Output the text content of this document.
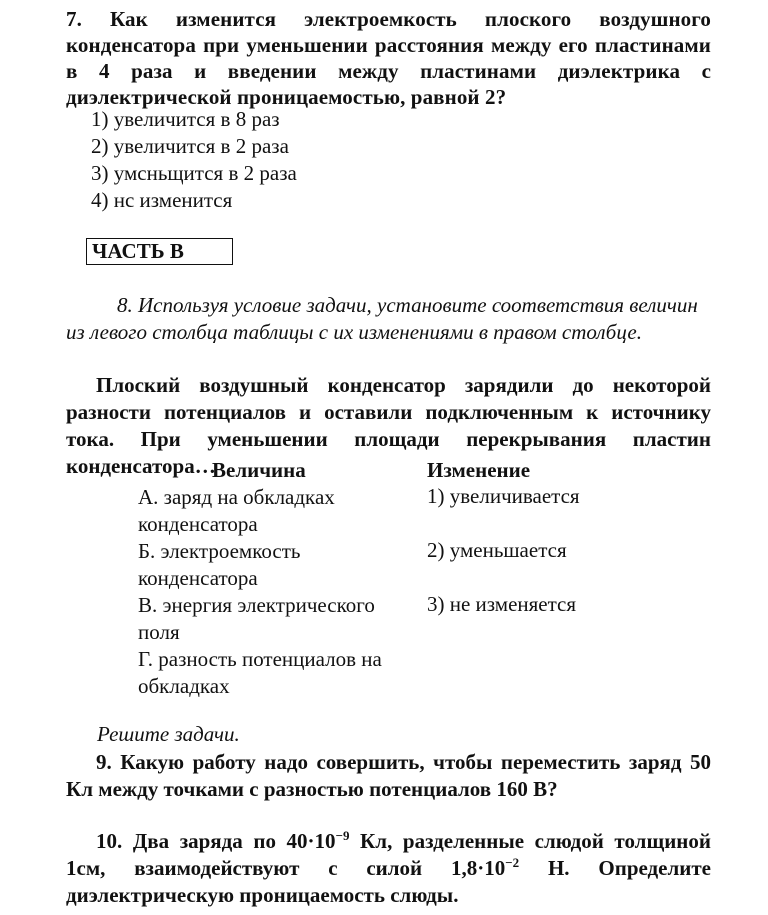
7. Как изменится электроемкость плоского воздушного конденсатора при уменьшении расстояния между его пластинами в 4 раза и введении между пластинами диэлектрика с диэлектрической проницаемостью, равной 2?
1) увеличится в 8 раз
2) увеличится в 2 раза
3) умсньщится в 2 раза
4) нс изменится
ЧАСТЬ В
8. Используя условие задачи, установите соответствия величин из левого столбца таблицы с их изменениями в правом столбце.
Плоский воздушный конденсатор зарядили до некоторой разности потенциалов и оставили подключенным к источнику тока. При уменьшении площади перекрывания пластин конденсатора…
Величина	Изменение
А. заряд на обкладках конденсатора
Б. электроемкость конденсатора
В. энергия электрического поля
Г. разность потенциалов на обкладках
1) увеличивается
2) уменьшается
3) не изменяется
Решите задачи.
9. Какую работу надо совершить, чтобы переместить заряд 50 Кл между точками с разностью потенциалов 160 В?
10. Два заряда по $40\cdot 10^{-9}$ Кл, разделенные слюдой толщиной 1см, взаимодействуют с силой $1,8\cdot 10^{-2}$ Н. Определите диэлектрическую проницаемость слюды.
